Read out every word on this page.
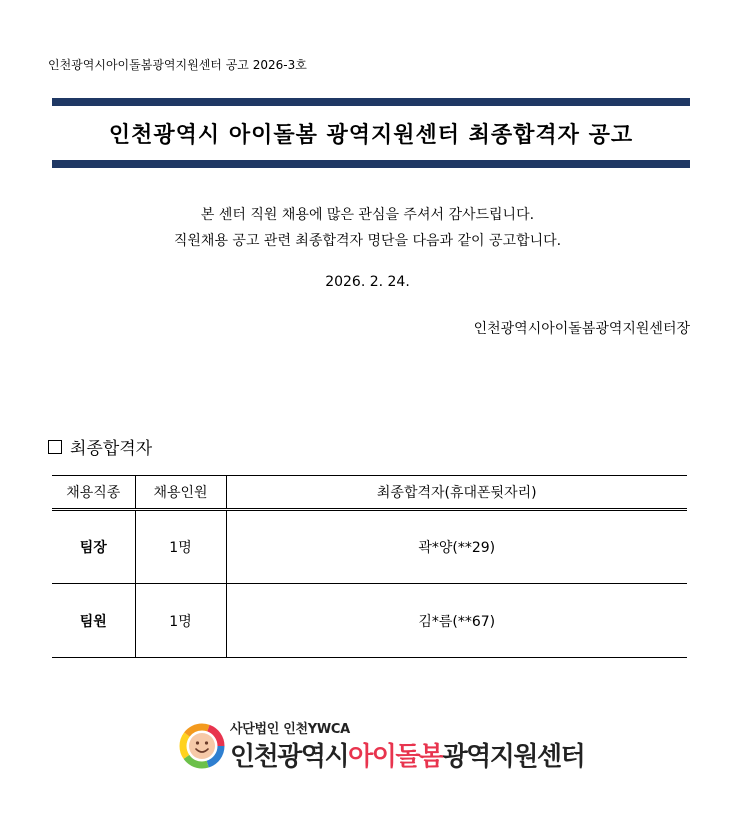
인천광역시아이돌봄광역지원센터 공고 2026-3호
인천광역시 아이돌봄 광역지원센터 최종합격자 공고
본 센터 직원 채용에 많은 관심을 주셔서 감사드립니다.
직원채용 공고 관련 최종합격자 명단을 다음과 같이 공고합니다.
2026. 2. 24.
인천광역시아이돌봄광역지원센터장
최종합격자
채용직종	채용인원	최종합격자(휴대폰뒷자리)
팀장	1명	곽*양(**29)
팀원	1명	김*름(**67)
사단법인 인천YWCA
인천광역시아이돌봄광역지원센터
